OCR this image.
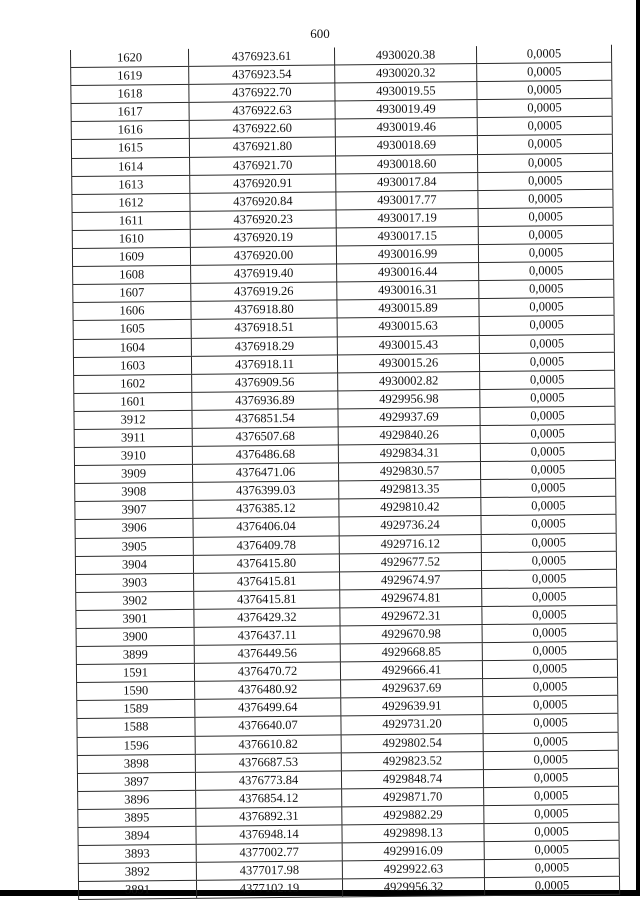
600
1620	4376923.61	4930020.38	0,0005
1619	4376923.54	4930020.32	0,0005
1618	4376922.70	4930019.55	0,0005
1617	4376922.63	4930019.49	0,0005
1616	4376922.60	4930019.46	0,0005
1615	4376921.80	4930018.69	0,0005
1614	4376921.70	4930018.60	0,0005
1613	4376920.91	4930017.84	0,0005
1612	4376920.84	4930017.77	0,0005
1611	4376920.23	4930017.19	0,0005
1610	4376920.19	4930017.15	0,0005
1609	4376920.00	4930016.99	0,0005
1608	4376919.40	4930016.44	0,0005
1607	4376919.26	4930016.31	0,0005
1606	4376918.80	4930015.89	0,0005
1605	4376918.51	4930015.63	0,0005
1604	4376918.29	4930015.43	0,0005
1603	4376918.11	4930015.26	0,0005
1602	4376909.56	4930002.82	0,0005
1601	4376936.89	4929956.98	0,0005
3912	4376851.54	4929937.69	0,0005
3911	4376507.68	4929840.26	0,0005
3910	4376486.68	4929834.31	0,0005
3909	4376471.06	4929830.57	0,0005
3908	4376399.03	4929813.35	0,0005
3907	4376385.12	4929810.42	0,0005
3906	4376406.04	4929736.24	0,0005
3905	4376409.78	4929716.12	0,0005
3904	4376415.80	4929677.52	0,0005
3903	4376415.81	4929674.97	0,0005
3902	4376415.81	4929674.81	0,0005
3901	4376429.32	4929672.31	0,0005
3900	4376437.11	4929670.98	0,0005
3899	4376449.56	4929668.85	0,0005
1591	4376470.72	4929666.41	0,0005
1590	4376480.92	4929637.69	0,0005
1589	4376499.64	4929639.91	0,0005
1588	4376640.07	4929731.20	0,0005
1596	4376610.82	4929802.54	0,0005
3898	4376687.53	4929823.52	0,0005
3897	4376773.84	4929848.74	0,0005
3896	4376854.12	4929871.70	0,0005
3895	4376892.31	4929882.29	0,0005
3894	4376948.14	4929898.13	0,0005
3893	4377002.77	4929916.09	0,0005
3892	4377017.98	4929922.63	0,0005
3891	4377102.19	4929956.32	0,0005
